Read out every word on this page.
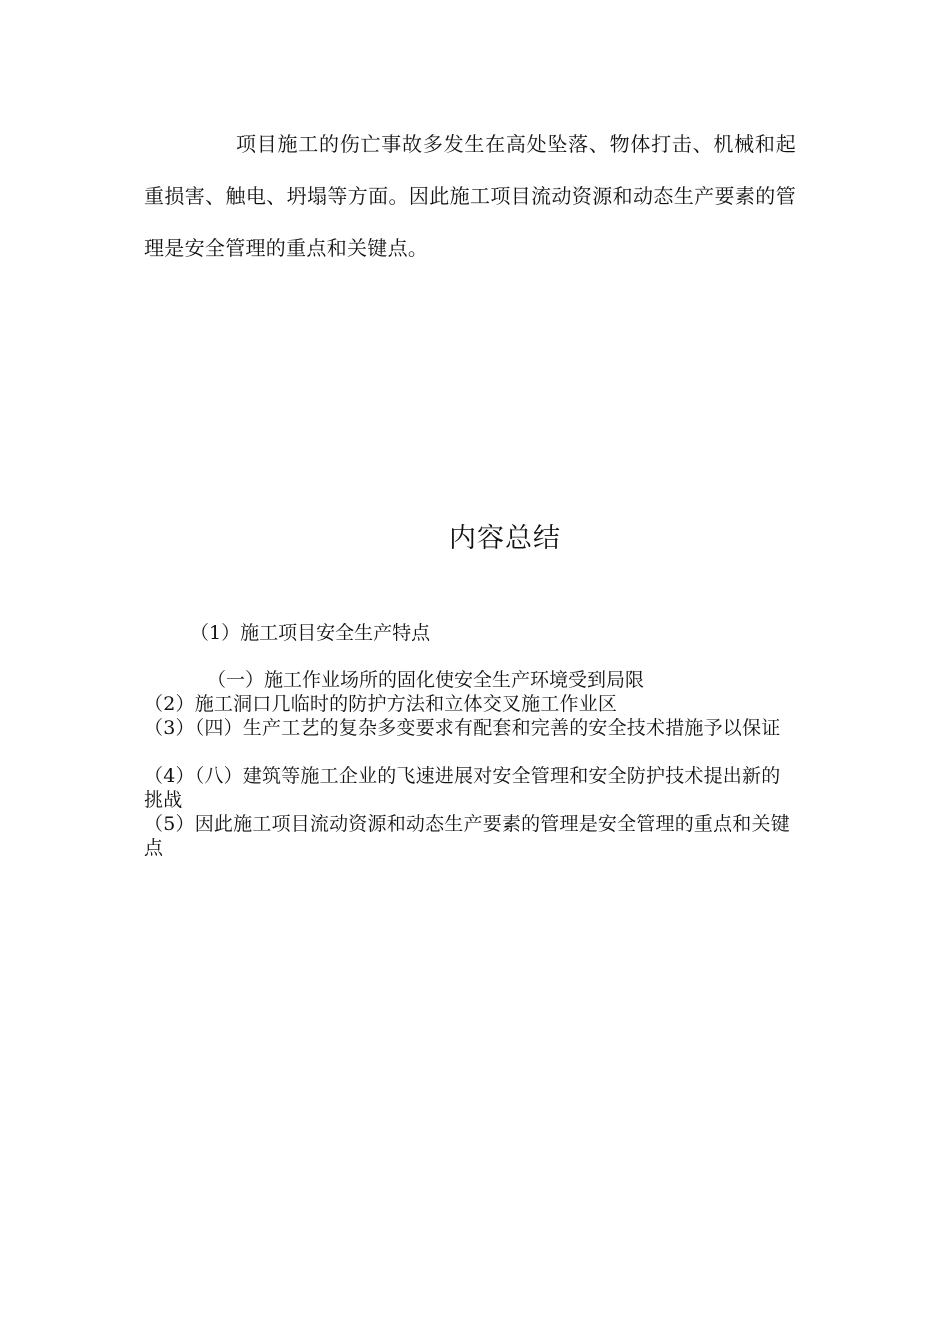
项目施工的伤亡事故多发生在高处坠落、物体打击、机械和起重损害、触电、坍塌等方面。因此施工项目流动资源和动态生产要素的管理是安全管理的重点和关键点。

内容总结

（1）施工项目安全生产特点

（一）施工作业场所的固化使安全生产环境受到局限

（2）施工洞口几临时的防护方法和立体交叉施工作业区

（3）（四）生产工艺的复杂多变要求有配套和完善的安全技术措施予以保证

（4）（八）建筑等施工企业的飞速进展对安全管理和安全防护技术提出新的挑战

（5）因此施工项目流动资源和动态生产要素的管理是安全管理的重点和关键点
